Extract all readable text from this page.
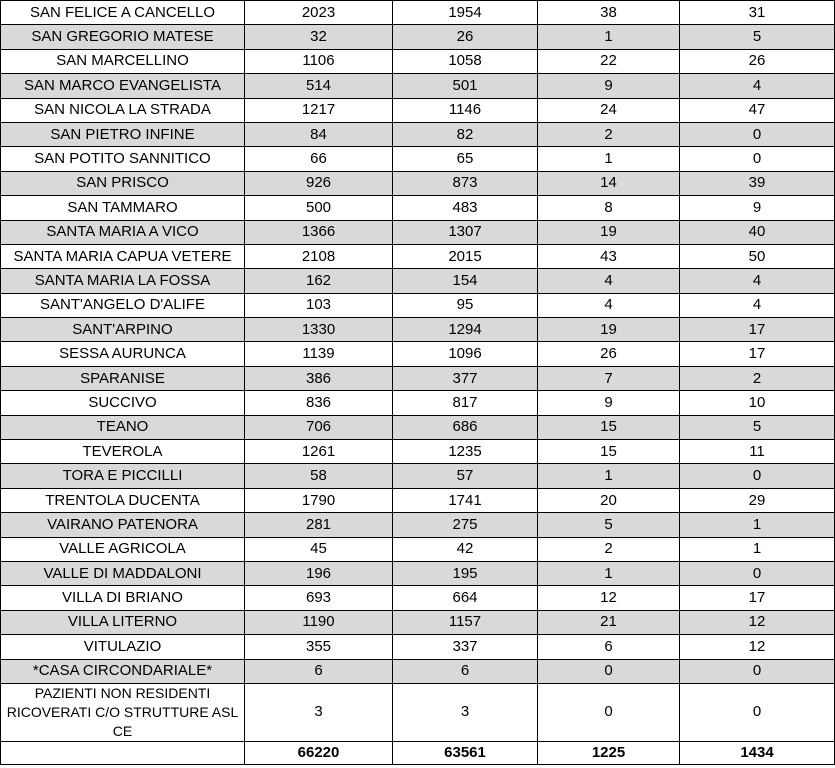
SAN FELICE A CANCELLO	2023	1954	38	31
SAN GREGORIO MATESE	32	26	1	5
SAN MARCELLINO	1106	1058	22	26
SAN MARCO EVANGELISTA	514	501	9	4
SAN NICOLA LA STRADA	1217	1146	24	47
SAN PIETRO INFINE	84	82	2	0
SAN POTITO SANNITICO	66	65	1	0
SAN PRISCO	926	873	14	39
SAN TAMMARO	500	483	8	9
SANTA MARIA A VICO	1366	1307	19	40
SANTA MARIA CAPUA VETERE	2108	2015	43	50
SANTA MARIA LA FOSSA	162	154	4	4
SANT'ANGELO D'ALIFE	103	95	4	4
SANT'ARPINO	1330	1294	19	17
SESSA AURUNCA	1139	1096	26	17
SPARANISE	386	377	7	2
SUCCIVO	836	817	9	10
TEANO	706	686	15	5
TEVEROLA	1261	1235	15	11
TORA E PICCILLI	58	57	1	0
TRENTOLA DUCENTA	1790	1741	20	29
VAIRANO PATENORA	281	275	5	1
VALLE AGRICOLA	45	42	2	1
VALLE DI MADDALONI	196	195	1	0
VILLA DI BRIANO	693	664	12	17
VILLA LITERNO	1190	1157	21	12
VITULAZIO	355	337	6	12
*CASA CIRCONDARIALE*	6	6	0	0
PAZIENTI NON RESIDENTI RICOVERATI C/O STRUTTURE ASL CE	3	3	0	0
	66220	63561	1225	1434
